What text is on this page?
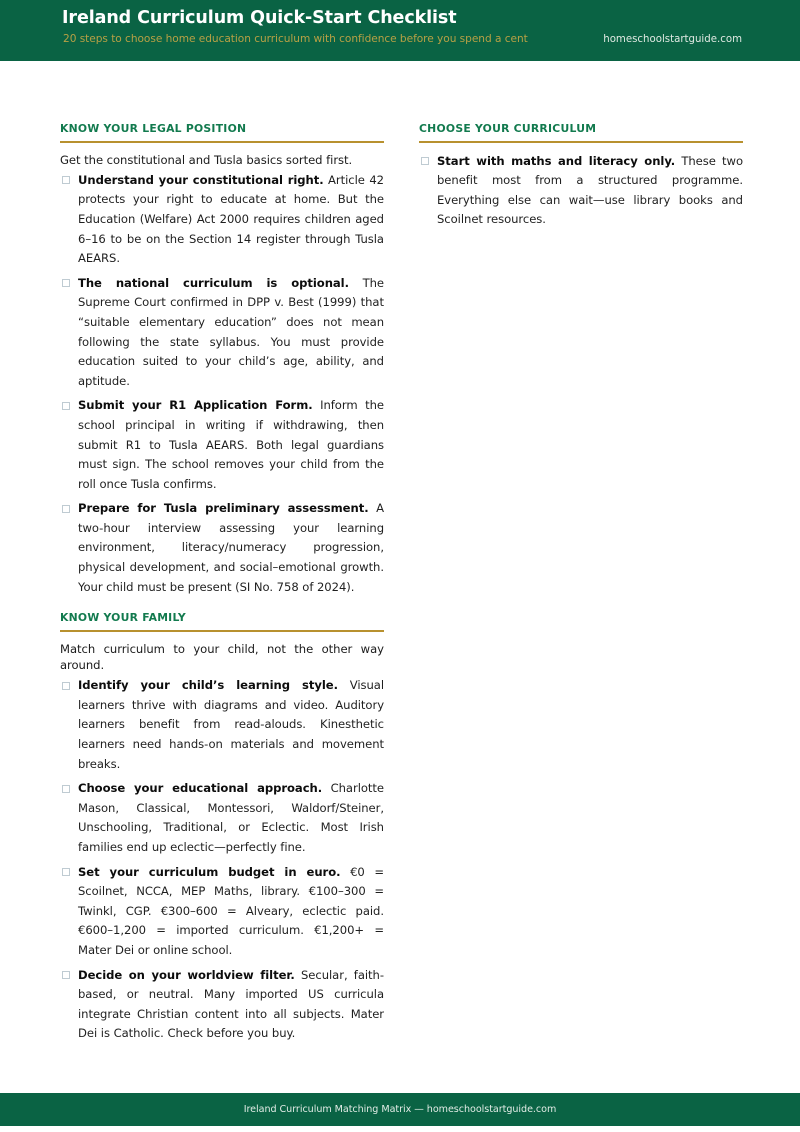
Ireland Curriculum Quick-Start Checklist
20 steps to choose home education curriculum with confidence before you spend a cent	homeschoolstartguide.com
KNOW YOUR LEGAL POSITION

Get the constitutional and Tusla basics sorted first.

Understand your constitutional right. Article 42 protects your right to educate at home. But the Education (Welfare) Act 2000 requires children aged 6–16 to be on the Section 14 register through Tusla AEARS.
The national curriculum is optional. The Supreme Court confirmed in DPP v. Best (1999) that “suitable elementary education” does not mean following the state syllabus. You must provide education suited to your child’s age, ability, and aptitude.
Submit your R1 Application Form. Inform the school principal in writing if withdrawing, then submit R1 to Tusla AEARS. Both legal guardians must sign. The school removes your child from the roll once Tusla confirms.
Prepare for Tusla preliminary assessment. A two-hour interview assessing your learning environment, literacy/numeracy progression, physical development, and social–emotional growth. Your child must be present (SI No. 758 of 2024).
KNOW YOUR FAMILY

Match curriculum to your child, not the other way around.

Identify your child’s learning style. Visual learners thrive with diagrams and video. Auditory learners benefit from read-alouds. Kinesthetic learners need hands-on materials and movement breaks.
Choose your educational approach. Charlotte Mason, Classical, Montessori, Waldorf/Steiner, Unschooling, Traditional, or Eclectic. Most Irish families end up eclectic—perfectly fine.
Set your curriculum budget in euro. €0 = Scoilnet, NCCA, MEP Maths, library. €100–300 = Twinkl, CGP. €300–600 = Alveary, eclectic paid. €600–1,200 = imported curriculum. €1,200+ = Mater Dei or online school.
Decide on your worldview filter. Secular, faith-based, or neutral. Many imported US curricula integrate Christian content into all subjects. Mater Dei is Catholic. Check before you buy.
CHOOSE YOUR CURRICULUM
Start with maths and literacy only. These two benefit most from a structured programme. Everything else can wait—use library books and Scoilnet resources.
Ireland Curriculum Matching Matrix — homeschoolstartguide.com
